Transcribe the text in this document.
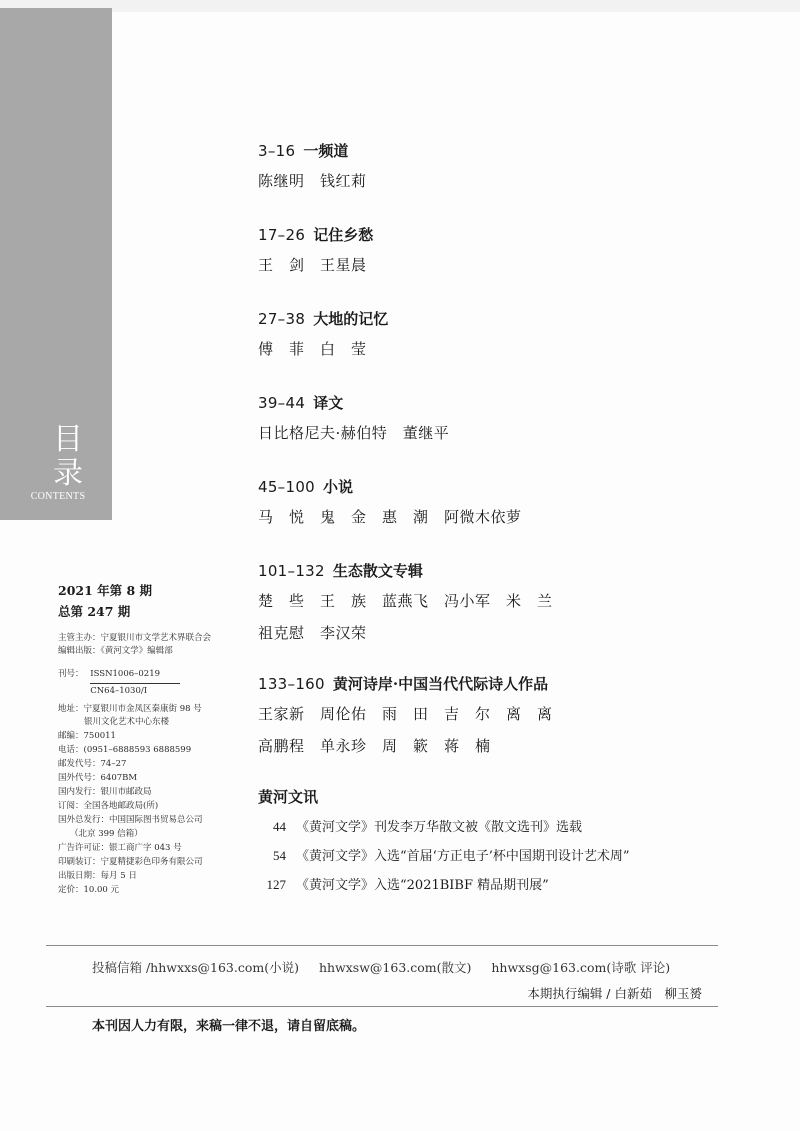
目录
CONTENTS
3–16 一频道
陈继明　钱红莉
17–26 记住乡愁
王　剑　王星晨
27–38 大地的记忆
傅　菲　白　莹
39–44 译文
日比格尼夫·赫伯特　董继平
45–100 小说
马　悦　鬼　金　惠　潮　阿微木依萝
101–132 生态散文专辑
楚　些　王　族　蓝燕飞　冯小军　米　兰
祖克慰　李汉荣
133–160 黄河诗岸·中国当代代际诗人作品
王家新　周伦佑　雨　田　吉　尔　离　离
高鹏程　单永珍　周　簌　蒋　楠
黄河文讯
44 《黄河文学》刊发李万华散文被《散文选刊》选载
54 《黄河文学》入选“首届‘方正电子’杯中国期刊设计艺术周”
127 《黄河文学》入选“2021BIBF 精品期刊展”
2021 年第 8 期
总第 247 期
主管主办：宁夏银川市文学艺术界联合会
编辑出版：《黄河文学》编辑部
刊号： ISSN1006–0219
CN64–1030/I
地址：宁夏银川市金凤区秦康街 98 号
银川文化艺术中心东楼
邮编：750011
电话：(0951–6888593 6888599
邮发代号：74–27
国外代号：6407BM
国内发行：银川市邮政局
订阅：全国各地邮政局(所)
国外总发行：中国国际图书贸易总公司
（北京 399 信箱）
广告许可证：银工商广字 043 号
印刷装订：宁夏精捷彩色印务有限公司
出版日期：每月 5 日
定价：10.00 元
投稿信箱 /hhwxxs@163.com(小说) hhwxsw@163.com(散文) hhwxsg@163.com(诗歌 评论)
本期执行编辑 / 白新茹　柳玉赟
本刊因人力有限，来稿一律不退，请自留底稿。
